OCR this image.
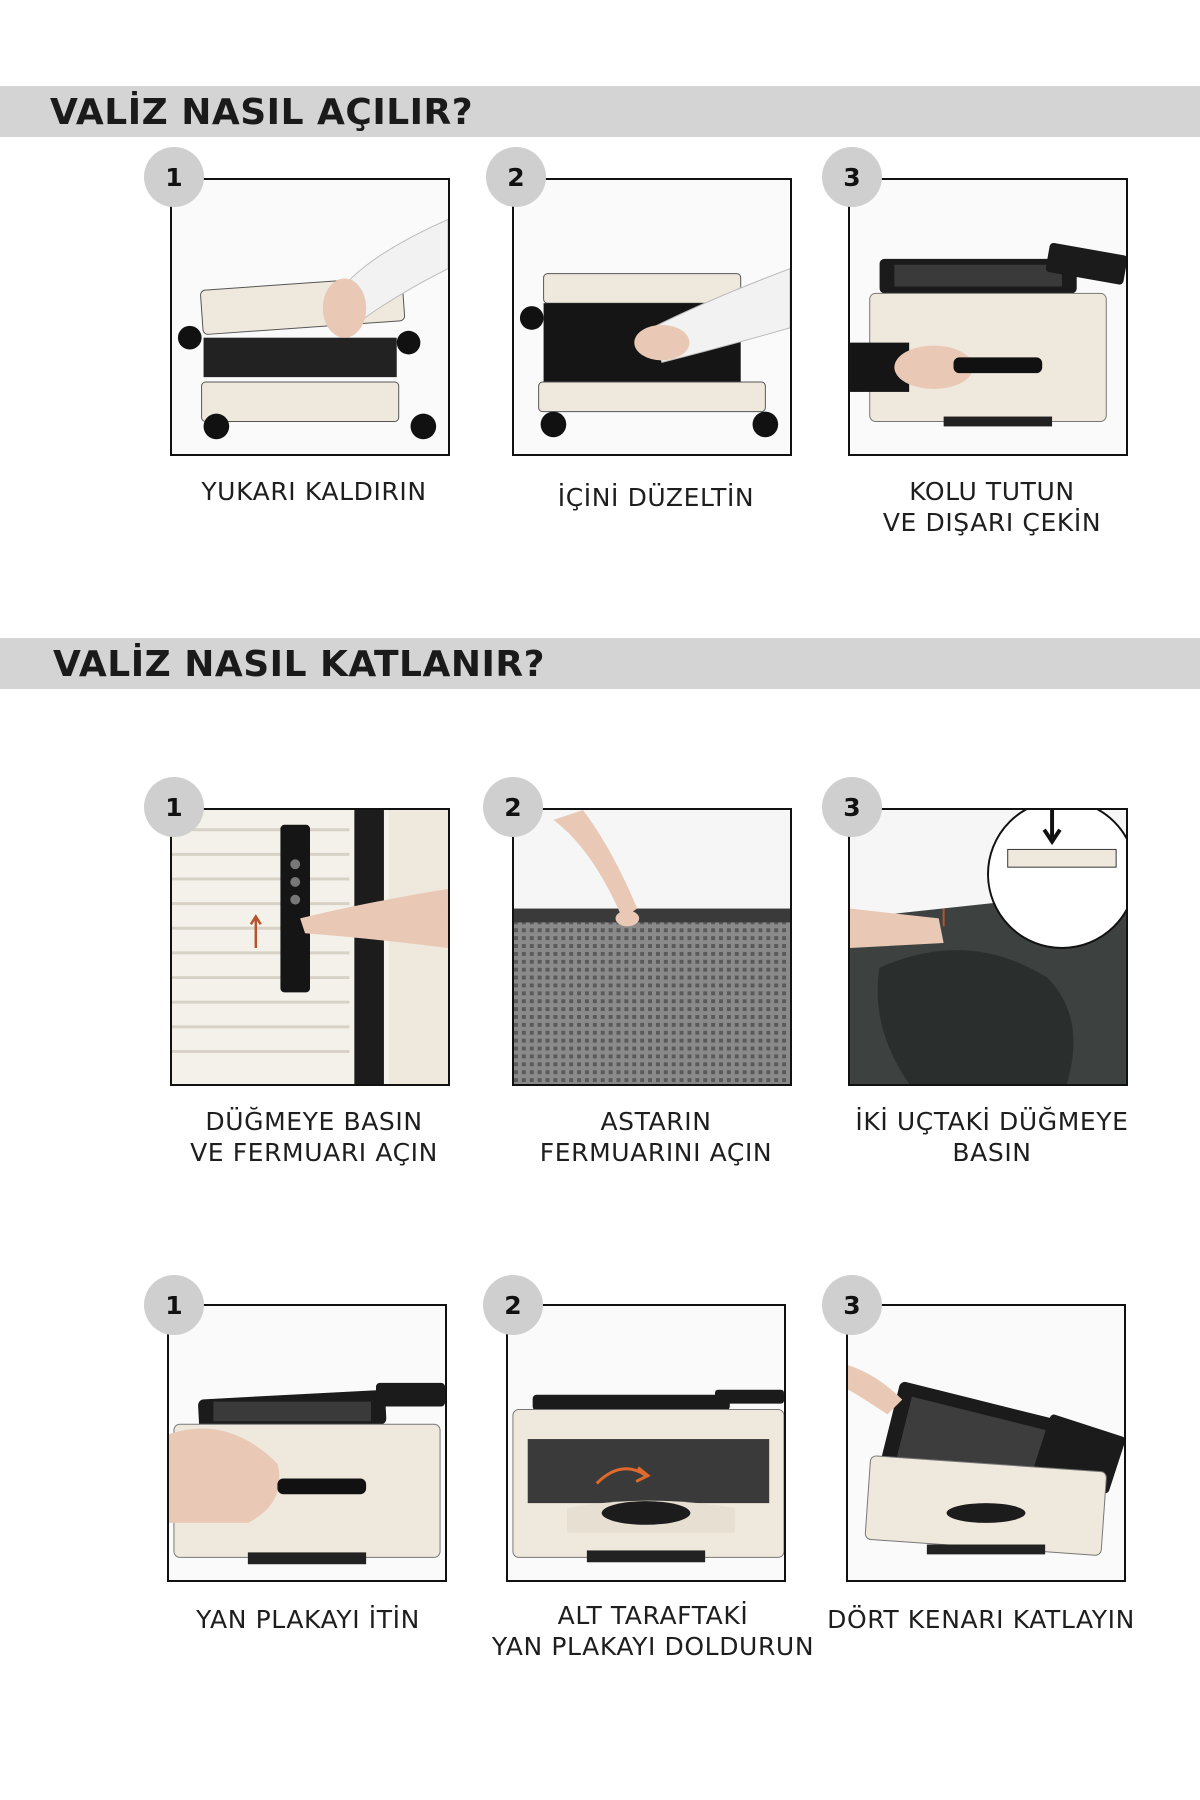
VALİZ NASIL AÇILIR?
1
YUKARI KALDIRIN
2
İÇİNİ DÜZELTİN
3
KOLU TUTUN
VE DIŞARI ÇEKİN
VALİZ NASIL KATLANIR?
1
DÜĞMEYE BASIN
VE FERMUARI AÇIN
2
ASTARIN
FERMUARINI AÇIN
3
İKİ UÇTAKİ DÜĞMEYE
BASIN
1
YAN PLAKAYI İTİN
2
ALT TARAFTAKİ
YAN PLAKAYI DOLDURUN
3
DÖRT KENARI KATLAYIN
